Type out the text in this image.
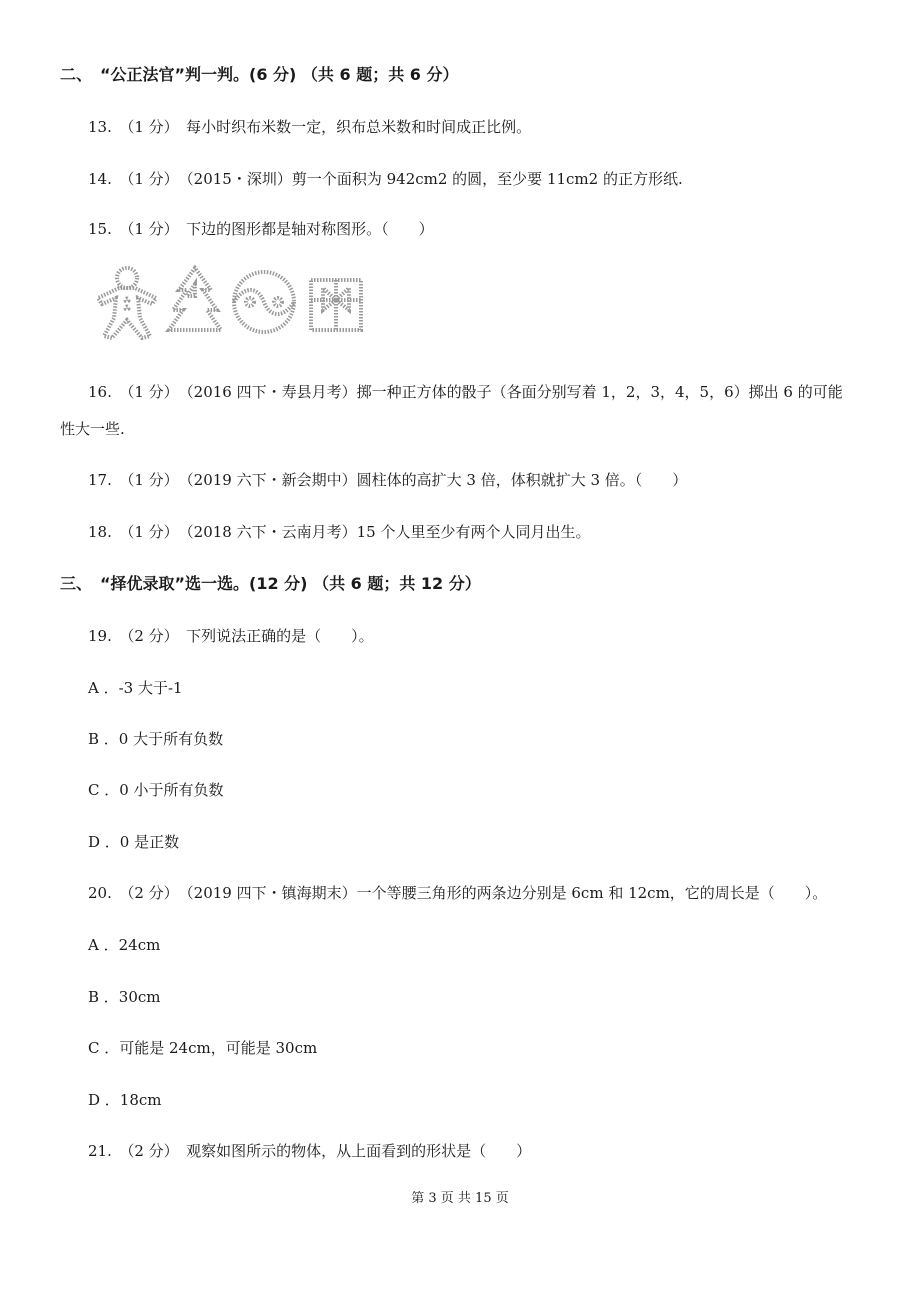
二、　“公正法官”判一判。(6 分) （共 6 题；共 6 分）
13.　（1 分）　每小时织布米数一定，织布总米数和时间成正比例。
14.　（1 分）　（2015・深圳）剪一个面积为 942cm2 的圆，至少要 11cm2 的正方形纸.
15.　（1 分）　下边的图形都是轴对称图形。（　　）

16.　（1 分）　（2016 四下・寿县月考）掷一种正方体的骰子（各面分别写着 1，2，3，4，5，6）掷出 6 的可能
性大一些.
17.　（1 分）　（2019 六下・新会期中）圆柱体的高扩大 3 倍，体积就扩大 3 倍。（　　）
18.　（1 分）　（2018 六下・云南月考）15 个人里至少有两个人同月出生。
三、　“择优录取”选一选。(12 分) （共 6 题；共 12 分）
19.　（2 分）　下列说法正确的是（　　）。
A ．-3 大于-1
B ．0 大于所有负数
C ．0 小于所有负数
D ．0 是正数
20.　（2 分）　（2019 四下・镇海期末）一个等腰三角形的两条边分别是 6cm 和 12cm，它的周长是（　　）。
A ．24cm
B ．30cm
C ．可能是 24cm，可能是 30cm
D ．18cm
21.　（2 分）　观察如图所示的物体，从上面看到的形状是（　　）
第 3 页 共 15 页
